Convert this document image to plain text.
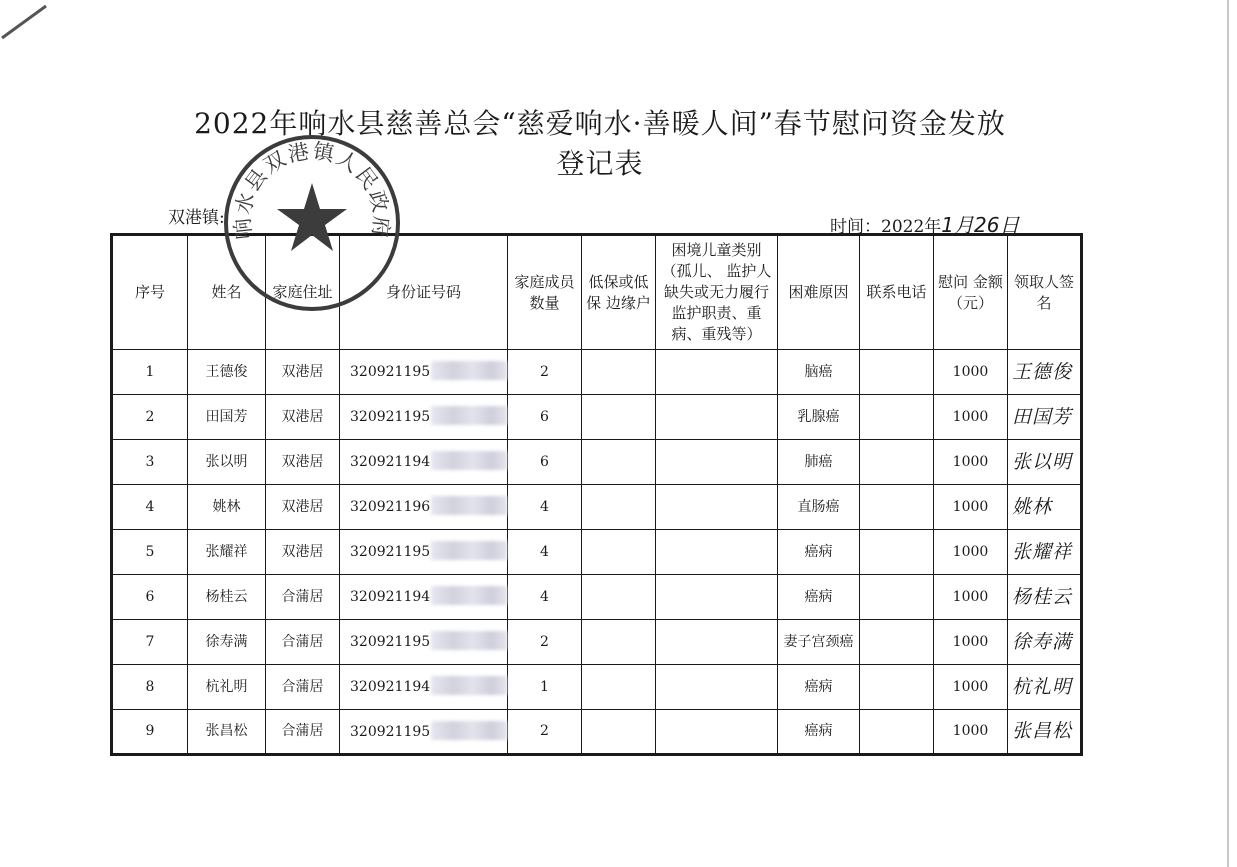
2022年响水县慈善总会“慈爱响水·善暖人间”春节慰问资金发放
登记表
双港镇:	时间：2022年1月26日
序号	姓名	家庭住址	身份证号码	家庭成员数量	低保或低保 边缘户	困境儿童类别（孤儿、 监护人缺失或无力履行监护职责、重病、重残等）	困难原因	联系电话	慰问 金额（元）	领取人签名
1	王德俊	双港居	320921195	2			脑癌		1000	王德俊
2	田国芳	双港居	320921195	6			乳腺癌		1000	田国芳
3	张以明	双港居	320921194	6			肺癌		1000	张以明
4	姚林	双港居	320921196	4			直肠癌		1000	姚林
5	张耀祥	双港居	320921195	4			癌病		1000	张耀祥
6	杨桂云	合蒲居	320921194	4			癌病		1000	杨桂云
7	徐寿满	合蒲居	320921195	2			妻子宫颈癌		1000	徐寿满
8	杭礼明	合蒲居	320921194	1			癌病		1000	杭礼明
9	张昌松	合蒲居	320921195	2			癌病		1000	张昌松
响水县双港镇人民政府
